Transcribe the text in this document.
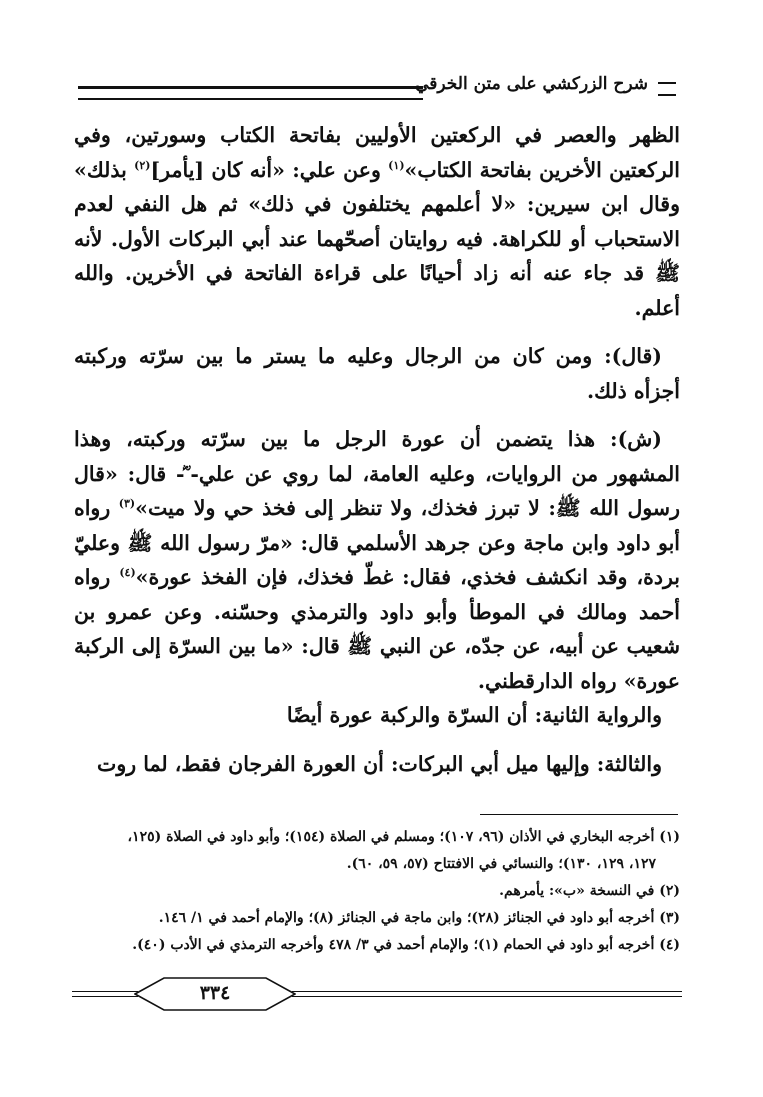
شرح الزركشي على متن الخرقي

الظهر والعصر في الركعتين الأوليين بفاتحة الكتاب وسورتين، وفي الركعتين الأخرين بفاتحة الكتاب»$^{(١)}$ وعن علي: «أنه كان [يأمر]$^{(٢)}$ بذلك» وقال ابن سيرين: «لا أعلمهم يختلفون في ذلك» ثم هل النفي لعدم الاستحباب أو للكراهة. فيه روايتان أصحّهما عند أبي البركات الأول. لأنه ﷺ قد جاء عنه أنه زاد أحيانًا على قراءة الفاتحة في الأخرين. والله أعلم.

(قال): ومن كان من الرجال وعليه ما يستر ما بين سرّته وركبته أجزأه ذلك.

(ش): هذا يتضمن أن عورة الرجل ما بين سرّته وركبته، وهذا المشهور من الروايات، وعليه العامة، لما روي عن علي- ؓ- قال: «قال رسول الله ﷺ: لا تبرز فخذك، ولا تنظر إلى فخذ حي ولا ميت»$^{(٣)}$ رواه أبو داود وابن ماجة وعن جرهد الأسلمي قال: «مرّ رسول الله ﷺ وعليّ بردة، وقد انكشف فخذي، فقال: غطّ فخذك، فإن الفخذ عورة»$^{(٤)}$ رواه أحمد ومالك في الموطأ وأبو داود والترمذي وحسّنه. وعن عمرو بن شعيب عن أبيه، عن جدّه، عن النبي ﷺ قال: «ما بين السرّة إلى الركبة عورة» رواه الدارقطني.

والرواية الثانية: أن السرّة والركبة عورة أيضًا

والثالثة: وإليها ميل أبي البركات: أن العورة الفرجان فقط، لما روت

(١) أخرجه البخاري في الأذان (٩٦، ١٠٧)؛ ومسلم في الصلاة (١٥٤)؛ وأبو داود في الصلاة (١٢٥،

١٢٧، ١٢٩، ١٣٠)؛ والنسائي في الافتتاح (٥٧، ٥٩، ٦٠).

(٢) في النسخة «ب»: يأمرهم.

(٣) أخرجه أبو داود في الجنائز (٢٨)؛ وابن ماجة في الجنائز (٨)؛ والإمام أحمد في ١/ ١٤٦.

(٤) أخرجه أبو داود في الحمام (١)؛ والإمام أحمد في ٣/ ٤٧٨ وأخرجه الترمذي في الأدب (٤٠).

٣٣٤
